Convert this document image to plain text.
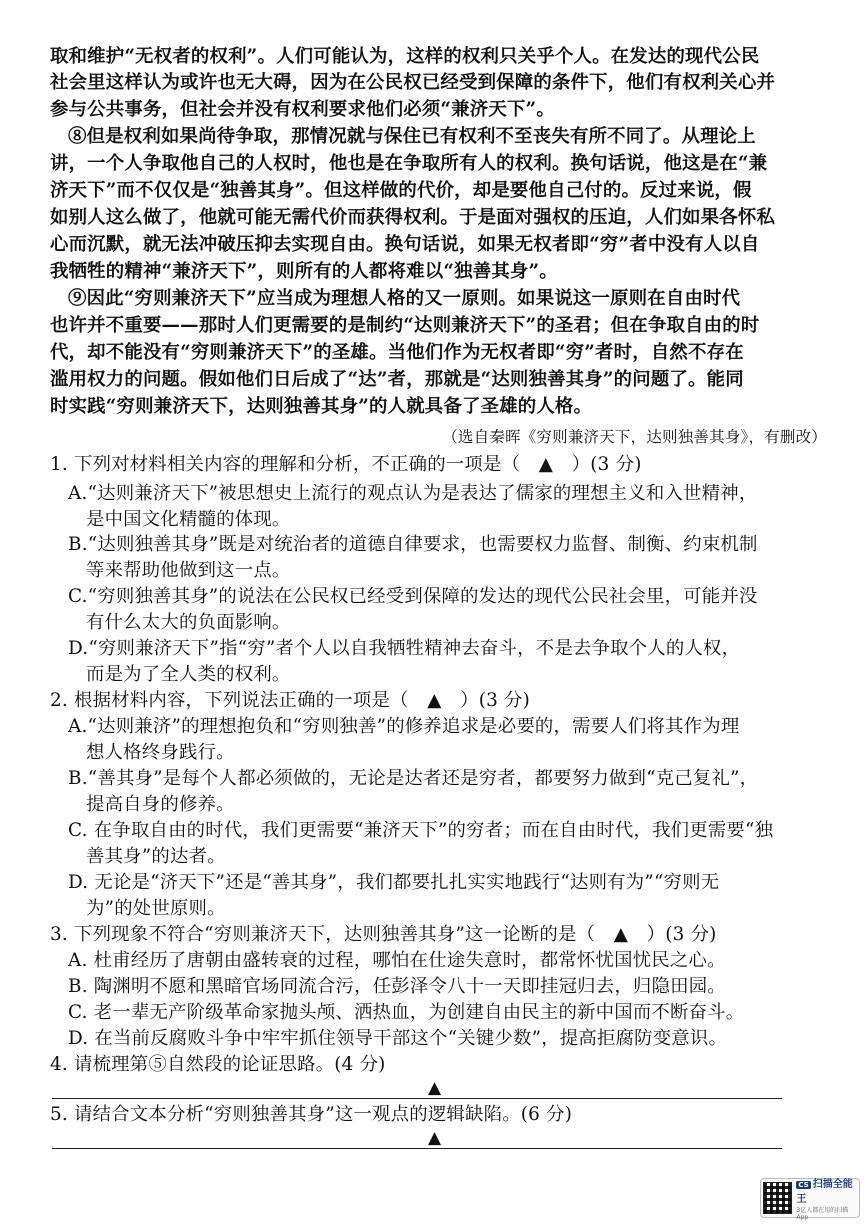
取和维护“无权者的权利”。人们可能认为，这样的权利只关乎个人。在发达的现代公民
社会里这样认为或许也无大碍，因为在公民权已经受到保障的条件下，他们有权利关心并
参与公共事务，但社会并没有权利要求他们必须“兼济天下”。
⑧但是权利如果尚待争取，那情况就与保住已有权利不至丧失有所不同了。从理论上
讲，一个人争取他自己的人权时，他也是在争取所有人的权利。换句话说，他这是在“兼
济天下”而不仅仅是“独善其身”。但这样做的代价，却是要他自己付的。反过来说，假
如别人这么做了，他就可能无需代价而获得权利。于是面对强权的压迫，人们如果各怀私
心而沉默，就无法冲破压抑去实现自由。换句话说，如果无权者即“穷”者中没有人以自
我牺牲的精神“兼济天下”，则所有的人都将难以“独善其身”。
⑨因此“穷则兼济天下”应当成为理想人格的又一原则。如果说这一原则在自由时代
也许并不重要——那时人们更需要的是制约“达则兼济天下”的圣君；但在争取自由的时
代，却不能没有“穷则兼济天下”的圣雄。当他们作为无权者即“穷”者时，自然不存在
滥用权力的问题。假如他们日后成了“达”者，那就是“达则独善其身”的问题了。能同
时实践“穷则兼济天下，达则独善其身”的人就具备了圣雄的人格。
（选自秦晖《穷则兼济天下，达则独善其身》，有删改）
1. 下列对材料相关内容的理解和分析，不正确的一项是（　▲　）(3 分)
A.“达则兼济天下”被思想史上流行的观点认为是表达了儒家的理想主义和入世精神，
是中国文化精髓的体现。
B.“达则独善其身”既是对统治者的道德自律要求，也需要权力监督、制衡、约束机制
等来帮助他做到这一点。
C.“穷则独善其身”的说法在公民权已经受到保障的发达的现代公民社会里，可能并没
有什么太大的负面影响。
D.“穷则兼济天下”指“穷”者个人以自我牺牲精神去奋斗，不是去争取个人的人权，
而是为了全人类的权利。
2. 根据材料内容，下列说法正确的一项是（　▲　）(3 分)
A.“达则兼济”的理想抱负和“穷则独善”的修养追求是必要的，需要人们将其作为理
想人格终身践行。
B.“善其身”是每个人都必须做的，无论是达者还是穷者，都要努力做到“克己复礼”，
提高自身的修养。
C. 在争取自由的时代，我们更需要“兼济天下”的穷者；而在自由时代，我们更需要“独
善其身”的达者。
D. 无论是“济天下”还是“善其身”，我们都要扎扎实实地践行“达则有为”“穷则无
为”的处世原则。
3. 下列现象不符合“穷则兼济天下，达则独善其身”这一论断的是（　▲　）(3 分)
A. 杜甫经历了唐朝由盛转衰的过程，哪怕在仕途失意时，都常怀忧国忧民之心。
B. 陶渊明不愿和黑暗官场同流合污，任彭泽令八十一天即挂冠归去，归隐田园。
C. 老一辈无产阶级革命家抛头颅、洒热血，为创建自由民主的新中国而不断奋斗。
D. 在当前反腐败斗争中牢牢抓住领导干部这个“关键少数”，提高拒腐防变意识。
4. 请梳理第⑤自然段的论证思路。(4 分)
▲
5. 请结合文本分析“穷则独善其身”这一观点的逻辑缺陷。(6 分)
▲
CS 扫描全能王
3亿人都在用的扫描App
